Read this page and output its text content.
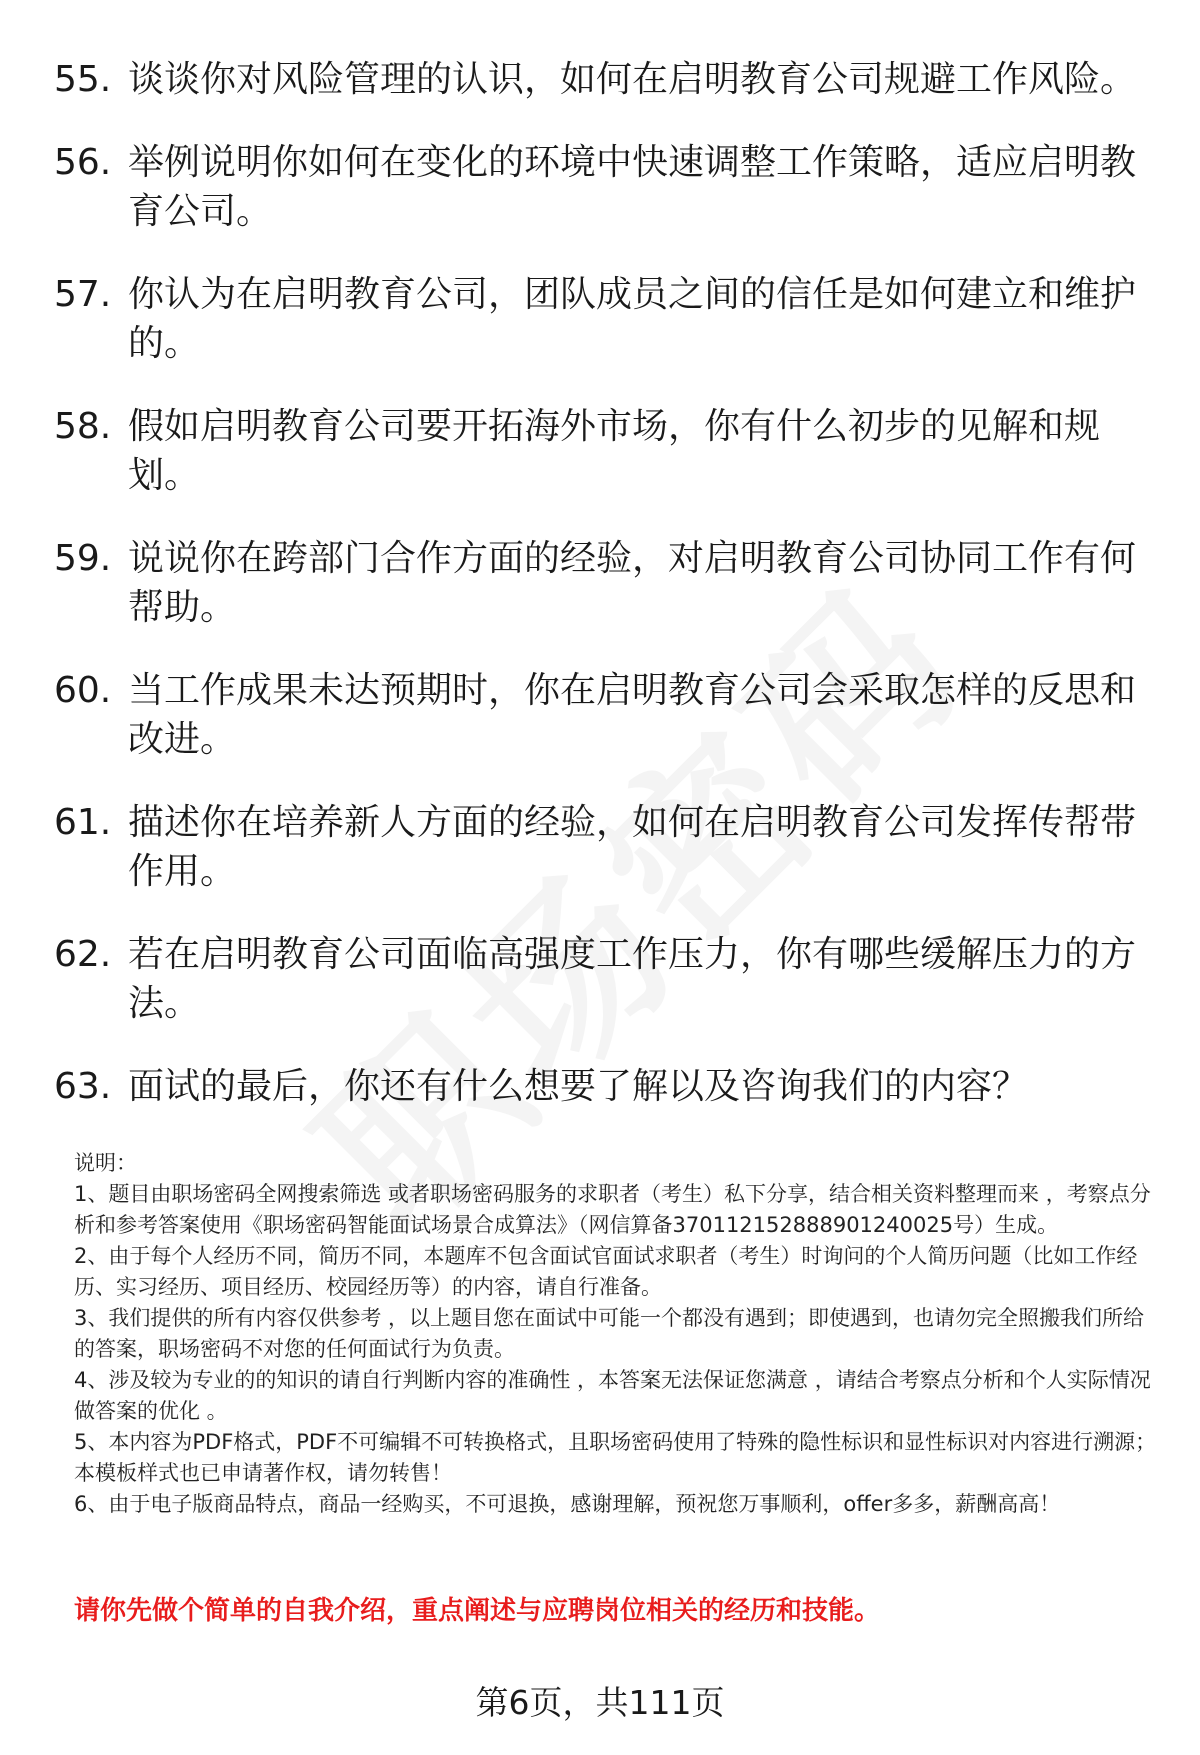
55. 谈谈你对风险管理的认识，如何在启明教育公司规避工作风险。
56. 举例说明你如何在变化的环境中快速调整工作策略，适应启明教育公司。
57. 你认为在启明教育公司，团队成员之间的信任是如何建立和维护的。
58. 假如启明教育公司要开拓海外市场，你有什么初步的见解和规划。
59. 说说你在跨部门合作方面的经验，对启明教育公司协同工作有何帮助。
60. 当工作成果未达预期时，你在启明教育公司会采取怎样的反思和改进。
61. 描述你在培养新人方面的经验，如何在启明教育公司发挥传帮带作用。
62. 若在启明教育公司面临高强度工作压力，你有哪些缓解压力的方法。
63. 面试的最后，你还有什么想要了解以及咨询我们的内容？

说明：

1、题目由职场密码全网搜索筛选 或者职场密码服务的求职者（考生）私下分享，结合相关资料整理而来 ，考察点分析和参考答案使用《职场密码智能面试场景合成算法》（网信算备370112152888901240025号）生成。

2、由于每个人经历不同，简历不同，本题库不包含面试官面试求职者（考生）时询问的个人简历问题（比如工作经历、实习经历、项目经历、校园经历等）的内容，请自行准备。

3、我们提供的所有内容仅供参考 ，以上题目您在面试中可能一个都没有遇到；即使遇到，也请勿完全照搬我们所给的答案，职场密码不对您的任何面试行为负责。

4、涉及较为专业的的知识的请自行判断内容的准确性 ，本答案无法保证您满意 ，请结合考察点分析和个人实际情况做答案的优化 。

5、本内容为PDF格式，PDF不可编辑不可转换格式，且职场密码使用了特殊的隐性标识和显性标识对内容进行溯源；本模板样式也已申请著作权，请勿转售！

6、由于电子版商品特点，商品一经购买，不可退换，感谢理解，预祝您万事顺利，offer多多，薪酬高高！

请你先做个简单的自我介绍，重点阐述与应聘岗位相关的经历和技能。
第6页，共111页
